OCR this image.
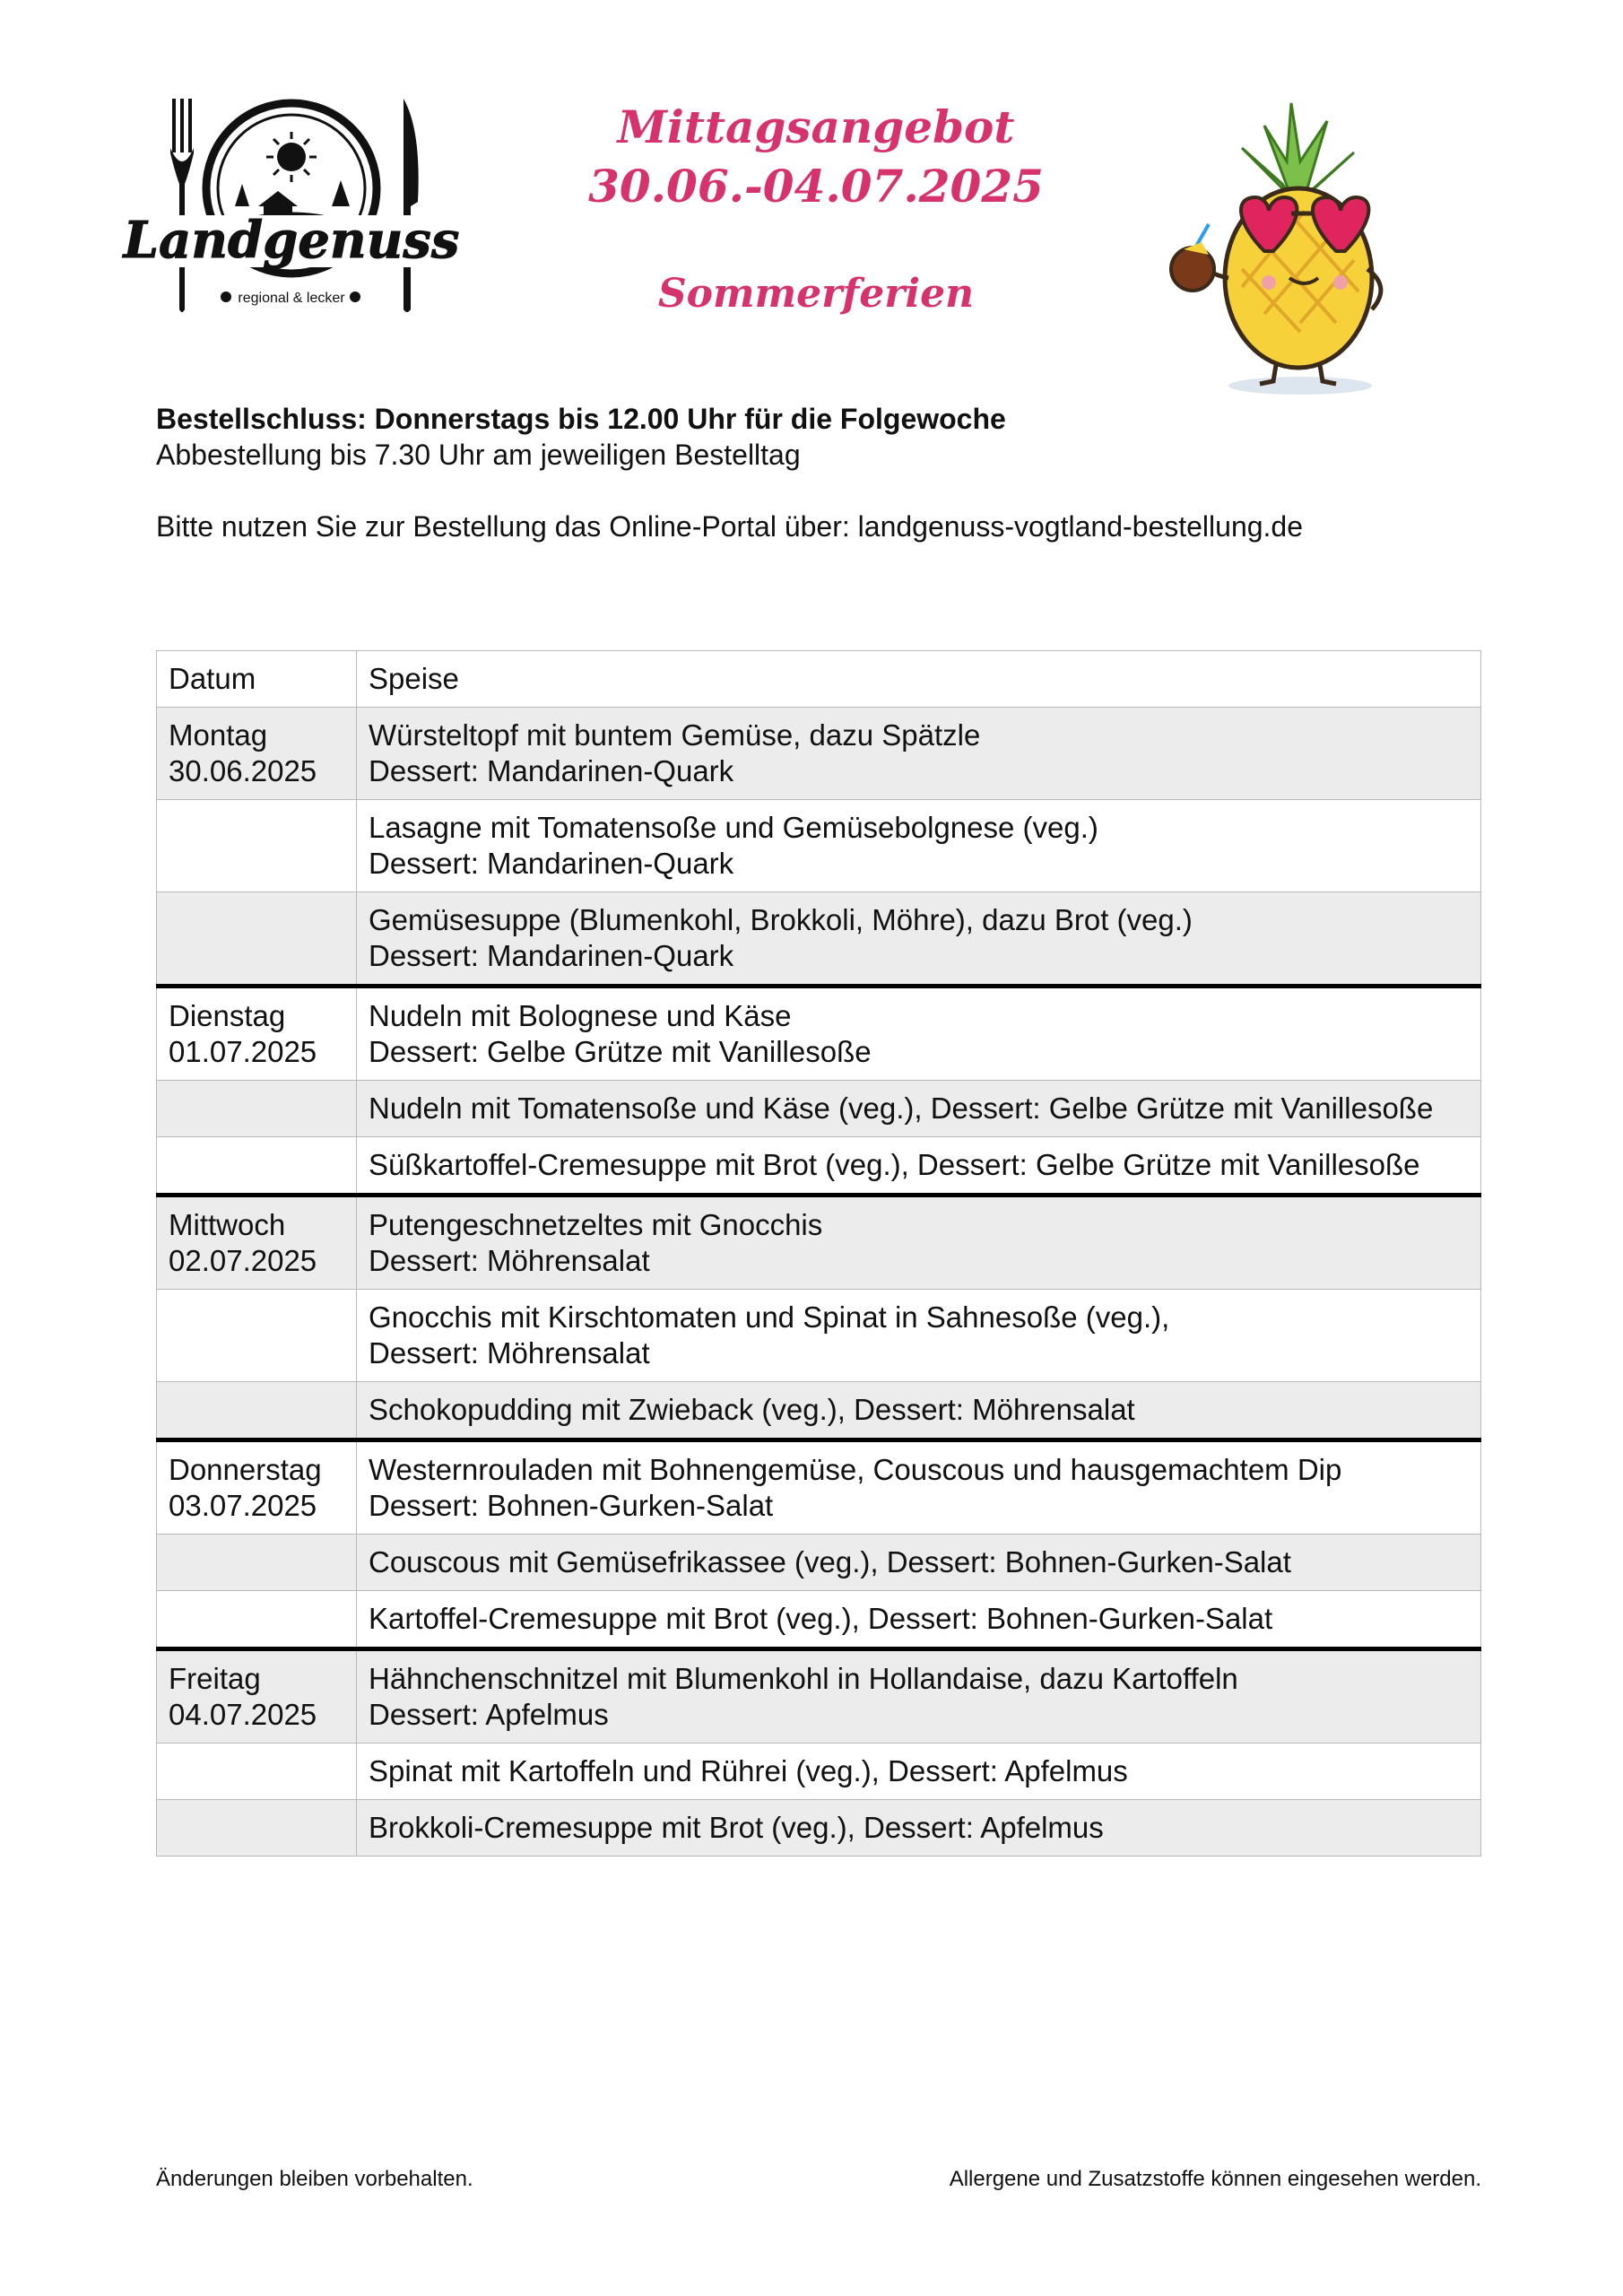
Landgenuss
regional & lecker
Mittagsangebot
30.06.-04.07.2025
Sommerferien
Bestellschluss: Donnerstags bis 12.00 Uhr für die Folgewoche
Abbestellung bis 7.30 Uhr am jeweiligen Bestelltag
Bitte nutzen Sie zur Bestellung das Online-Portal über: landgenuss-vogtland-bestellung.de
Datum	Speise

Montag
30.06.2025	Würsteltopf mit buntem Gemüse, dazu Spätzle
Dessert: Mandarinen-Quark

	Lasagne mit Tomatensoße und Gemüsebolgnese (veg.)
Dessert: Mandarinen-Quark

	Gemüsesuppe (Blumenkohl, Brokkoli, Möhre), dazu Brot (veg.)
Dessert: Mandarinen-Quark

Dienstag
01.07.2025	Nudeln mit Bolognese und Käse
Dessert: Gelbe Grütze mit Vanillesoße

	Nudeln mit Tomatensoße und Käse (veg.), Dessert: Gelbe Grütze mit Vanillesoße

	Süßkartoffel-Cremesuppe mit Brot (veg.), Dessert: Gelbe Grütze mit Vanillesoße

Mittwoch
02.07.2025	Putengeschnetzeltes mit Gnocchis
Dessert: Möhrensalat

	Gnocchis mit Kirschtomaten und Spinat in Sahnesoße (veg.),
Dessert: Möhrensalat

	Schokopudding mit Zwieback (veg.), Dessert: Möhrensalat

Donnerstag
03.07.2025	Westernrouladen mit Bohnengemüse, Couscous und hausgemachtem Dip
Dessert: Bohnen-Gurken-Salat

	Couscous mit Gemüsefrikassee (veg.), Dessert: Bohnen-Gurken-Salat

	Kartoffel-Cremesuppe mit Brot (veg.), Dessert: Bohnen-Gurken-Salat

Freitag
04.07.2025	Hähnchenschnitzel mit Blumenkohl in Hollandaise, dazu Kartoffeln
Dessert: Apfelmus

	Spinat mit Kartoffeln und Rührei (veg.), Dessert: Apfelmus

	Brokkoli-Cremesuppe mit Brot (veg.), Dessert: Apfelmus
Änderungen bleiben vorbehalten.	Allergene und Zusatzstoffe können eingesehen werden.
